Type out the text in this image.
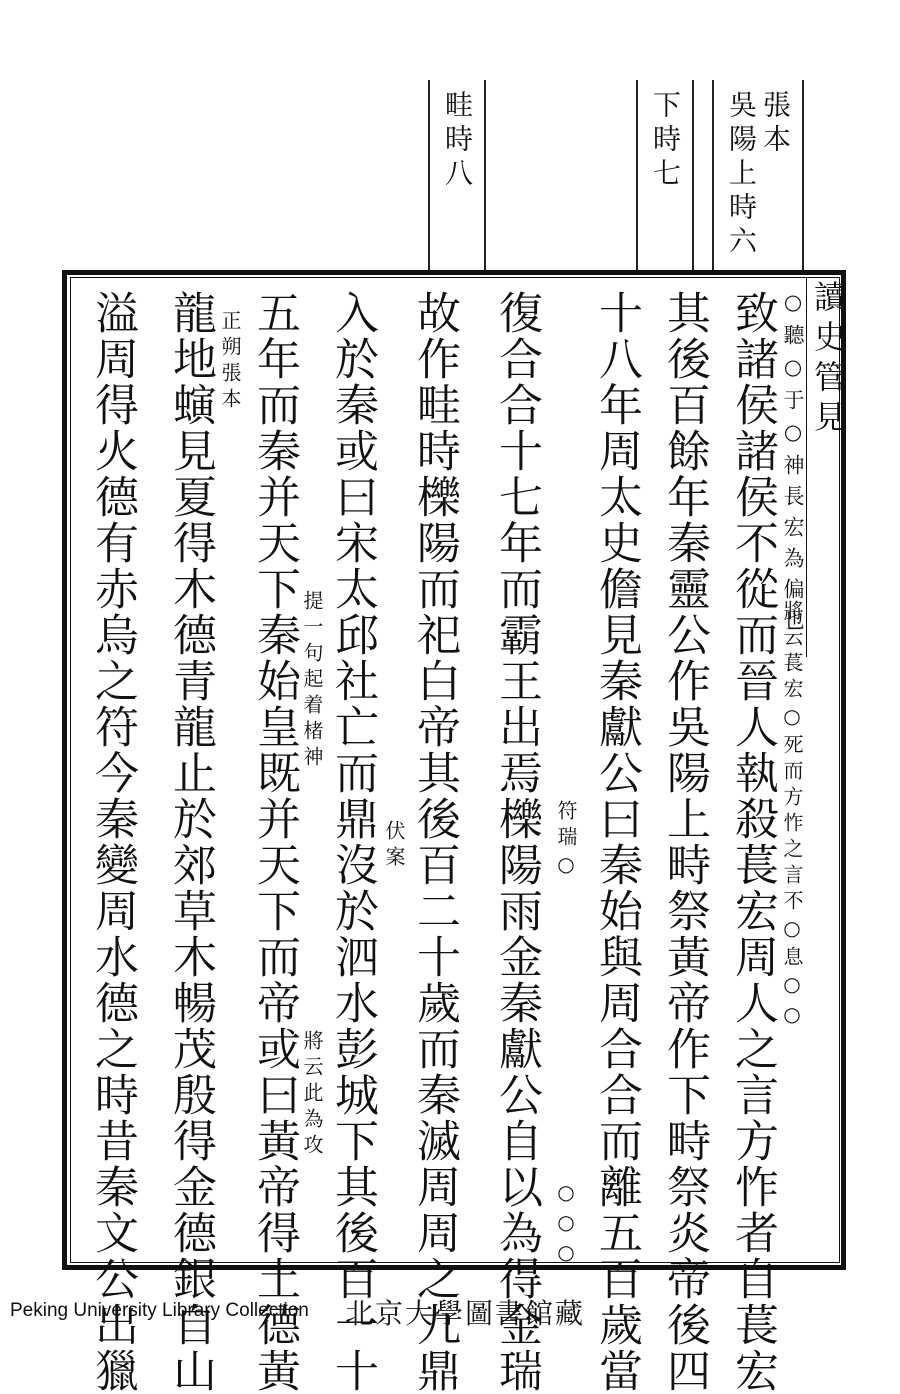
張本
吳陽上時六
下時七
畦時八
讀史管見
○聽○于○神長宏為偏也
將云萇宏○死而方怍之言不○息○○
致諸侯諸侯不從而晉人執殺萇宏周人之言方怍者自萇宏
其後百餘年秦靈公作吳陽上畤祭黃帝作下畤祭炎帝後四
十八年周太史儋見秦獻公曰秦始與周合合而離五百歲當
符瑞○
○○○
復合合十七年而霸王出焉櫟陽雨金秦獻公自以為得金瑞
故作畦時櫟陽而祀白帝其後百二十歲而秦滅周周之九鼎
伏案
入於秦或曰宋太邱社亡而鼎沒於泗水彭城下其後百一十
提一句起着楮神
將云此為攻
五年而秦并天下秦始皇既并天下而帝或曰黃帝得土德黃
正朔張本
龍地螾見夏得木德青龍止於郊草木暢茂殷得金德銀自山
溢周得火德有赤烏之符今秦變周水德之時昔秦文公出獵
Peking University Library Collection 北京大學圖書館藏
